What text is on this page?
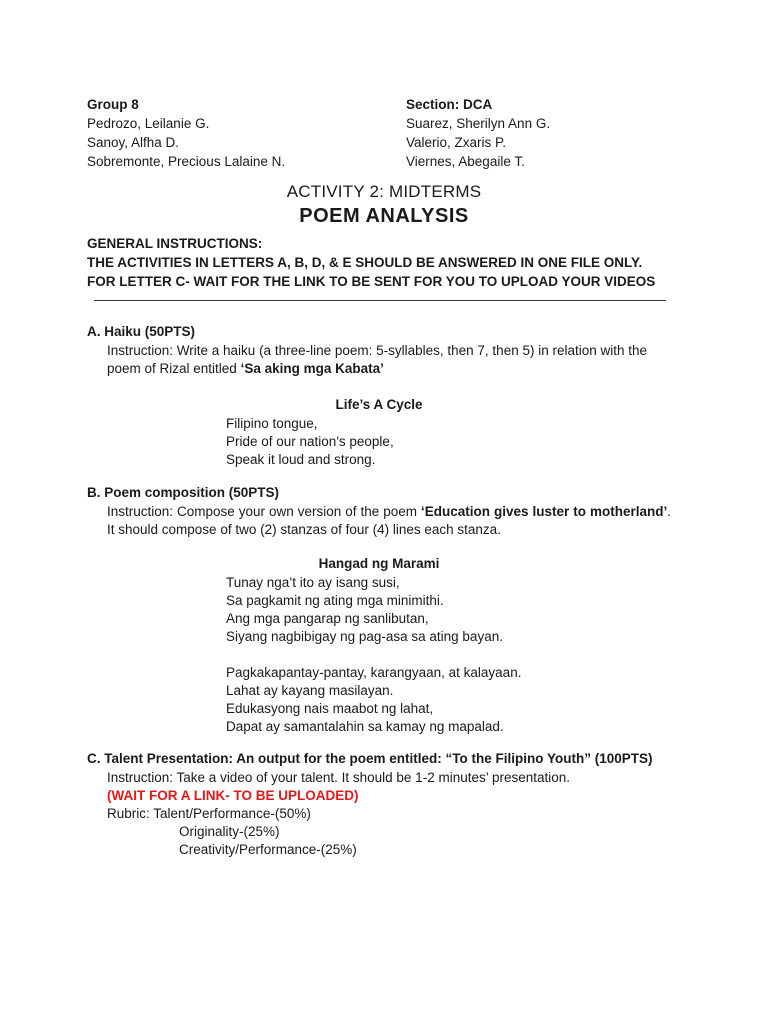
Group 8
Pedrozo, Leilanie G.
Sanoy, Alfha D.
Sobremonte, Precious Lalaine N.
Section: DCA
Suarez, Sherilyn Ann G.
Valerio, Zxaris P.
Viernes, Abegaile T.
ACTIVITY 2: MIDTERMS
POEM ANALYSIS
GENERAL INSTRUCTIONS:
THE ACTIVITIES IN LETTERS A, B, D, & E SHOULD BE ANSWERED IN ONE FILE ONLY.
FOR LETTER C- WAIT FOR THE LINK TO BE SENT FOR YOU TO UPLOAD YOUR VIDEOS
A. Haiku (50PTS)
Instruction: Write a haiku (a three-line poem: 5-syllables, then 7, then 5) in relation with the poem of Rizal entitled ‘Sa aking mga Kabata’
Life’s A Cycle
Filipino tongue,
Pride of our nation's people,
Speak it loud and strong.
B. Poem composition (50PTS)
Instruction: Compose your own version of the poem ‘Education gives luster to motherland’. It should compose of two (2) stanzas of four (4) lines each stanza.
Hangad ng Marami
Tunay nga’t ito ay isang susi,
Sa pagkamit ng ating mga minimithi.
Ang mga pangarap ng sanlibutan,
Siyang nagbibigay ng pag-asa sa ating bayan.
Pagkakapantay-pantay, karangyaan, at kalayaan.
Lahat ay kayang masilayan.
Edukasyong nais maabot ng lahat,
Dapat ay samantalahin sa kamay ng mapalad.
C. Talent Presentation: An output for the poem entitled: “To the Filipino Youth” (100PTS)
Instruction: Take a video of your talent. It should be 1-2 minutes’ presentation.
(WAIT FOR A LINK- TO BE UPLOADED)
Rubric: Talent/Performance-(50%)
Originality-(25%)
Creativity/Performance-(25%)
